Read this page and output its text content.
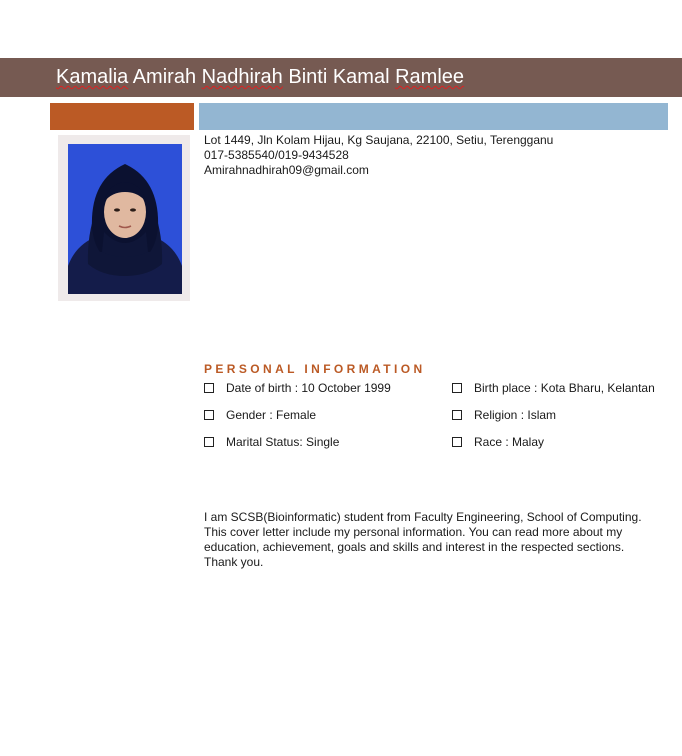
Kamalia Amirah Nadhirah Binti Kamal Ramlee
Lot 1449, Jln Kolam Hijau, Kg Saujana, 22100, Setiu, Terengganu
017-5385540/019-9434528
Amirahnadhirah09@gmail.com
PERSONAL INFORMATION
Date of birth : 10 October 1999	Birth place : Kota Bharu, Kelantan
Gender : Female	Religion : Islam
Marital Status: Single	Race : Malay
I am SCSB(Bioinformatic) student from Faculty Engineering, School of Computing. This cover letter include my personal information. You can read more about my education, achievement, goals and skills and interest in the respected sections. Thank you.
